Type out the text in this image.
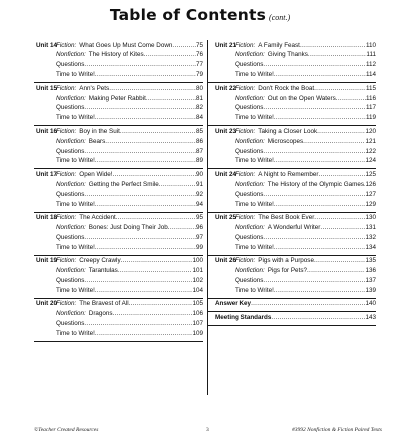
Table of Contents (cont.)
Unit 14 Fiction: What Goes Up Must Come Down .....	75
Nonfiction: The History of Kites .....	76
Questions .....	77
Time to Write! .....	79
Unit 15 Fiction: Ann's Pets .....	80
Nonfiction: Making Peter Rabbit .....	81
Questions .....	82
Time to Write! .....	84
Unit 16 Fiction: Boy in the Suit .....	85
Nonfiction: Bears .....	86
Questions .....	87
Time to Write! .....	89
Unit 17 Fiction: Open Wide! .....	90
Nonfiction: Getting the Perfect Smile .....	91
Questions .....	92
Time to Write! .....	94
Unit 18 Fiction: The Accident .....	95
Nonfiction: Bones: Just Doing Their Job .....	96
Questions .....	97
Time to Write! .....	99
Unit 19 Fiction: Creepy Crawly .....	100
Nonfiction: Tarantulas .....	101
Questions .....	102
Time to Write! .....	104
Unit 20 Fiction: The Bravest of All .....	105
Nonfiction: Dragons .....	106
Questions .....	107
Time to Write! .....	109
Unit 21 Fiction: A Family Feast .....	110
Nonfiction: Giving Thanks .....	111
Questions .....	112
Time to Write! .....	114
Unit 22 Fiction: Don't Rock the Boat .....	115
Nonfiction: Out on the Open Waters .....	116
Questions .....	117
Time to Write! .....	119
Unit 23 Fiction: Taking a Closer Look .....	120
Nonfiction: Microscopes .....	121
Questions .....	122
Time to Write! .....	124
Unit 24 Fiction: A Night to Remember .....	125
Nonfiction: The History of the Olympic Games ..... 126
Questions .....	127
Time to Write! .....	129
Unit 25 Fiction: The Best Book Ever .....	130
Nonfiction: A Wonderful Writer .....	131
Questions .....	132
Time to Write! .....	134
Unit 26 Fiction: Pigs with a Purpose .....	135
Nonfiction: Pigs for Pets? .....	136
Questions .....	137
Time to Write! .....	139
Answer Key .....	140
Meeting Standards .....	143
©Teacher Created Resources	3	#3992 Nonfiction & Fiction Paired Texts
